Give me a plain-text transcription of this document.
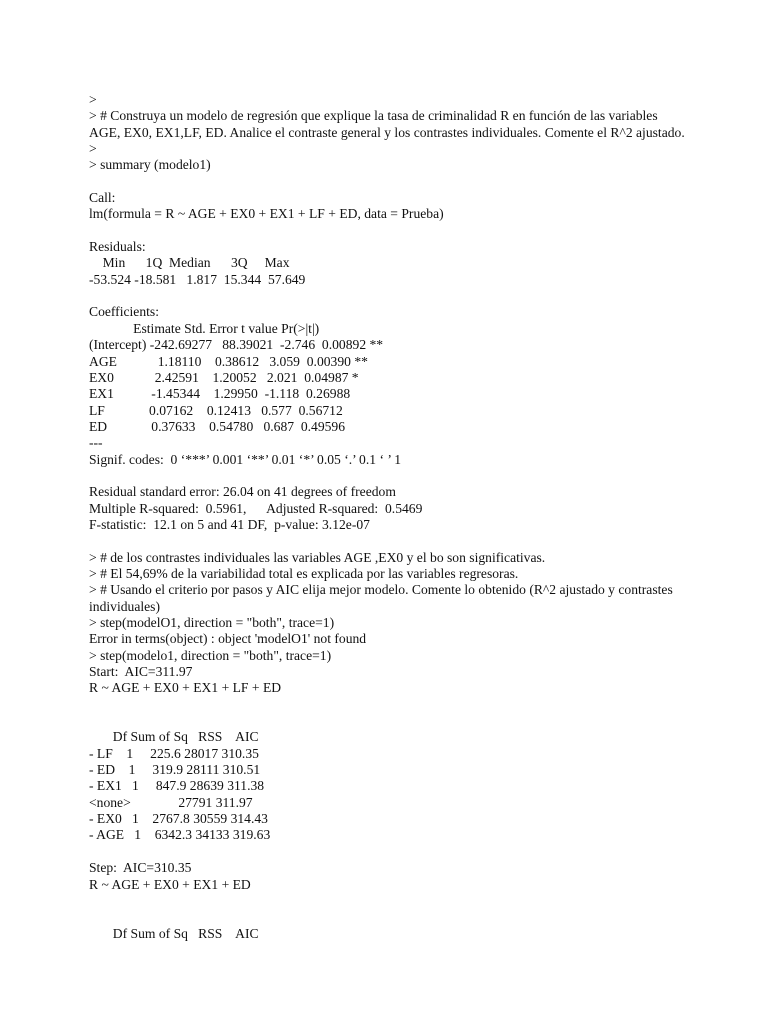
>
> # Construya un modelo de regresión que explique la tasa de criminalidad R en función de las variables AGE, EX0, EX1,LF, ED. Analice el contraste general y los contrastes individuales. Comente el R^2 ajustado.
>
> summary (modelo1)
Call:
lm(formula = R ~ AGE + EX0 + EX1 + LF + ED, data = Prueba)
Residuals:
Min      1Q  Median      3Q     Max
-53.524 -18.581   1.817  15.344  57.649
Coefficients:
Estimate Std. Error t value Pr(>|t|)
(Intercept) -242.69277   88.39021  -2.746  0.00892 **
AGE            1.18110    0.38612   3.059  0.00390 **
EX0            2.42591    1.20052   2.021  0.04987 *
EX1           -1.45344    1.29950  -1.118  0.26988
LF             0.07162    0.12413   0.577  0.56712
ED             0.37633    0.54780   0.687  0.49596
---
Signif. codes:  0 ‘***’ 0.001 ‘**’ 0.01 ‘*’ 0.05 ‘.’ 0.1 ‘ ’ 1
Residual standard error: 26.04 on 41 degrees of freedom
Multiple R-squared:  0.5961,      Adjusted R-squared:  0.5469
F-statistic:  12.1 on 5 and 41 DF,  p-value: 3.12e-07
> # de los contrastes individuales las variables AGE ,EX0 y el bo son significativas.
> # El 54,69% de la variabilidad total es explicada por las variables regresoras.
> # Usando el criterio por pasos y AIC elija mejor modelo. Comente lo obtenido (R^2 ajustado y contrastes individuales)
> step(modelO1, direction = "both", trace=1)
Error in terms(object) : object 'modelO1' not found
> step(modelo1, direction = "both", trace=1)
Start:  AIC=311.97
R ~ AGE + EX0 + EX1 + LF + ED
Df Sum of Sq   RSS    AIC
- LF    1     225.6 28017 310.35
- ED    1     319.9 28111 310.51
- EX1   1     847.9 28639 311.38
<none>              27791 311.97
- EX0   1    2767.8 30559 314.43
- AGE   1    6342.3 34133 319.63
Step:  AIC=310.35
R ~ AGE + EX0 + EX1 + ED
Df Sum of Sq   RSS    AIC
